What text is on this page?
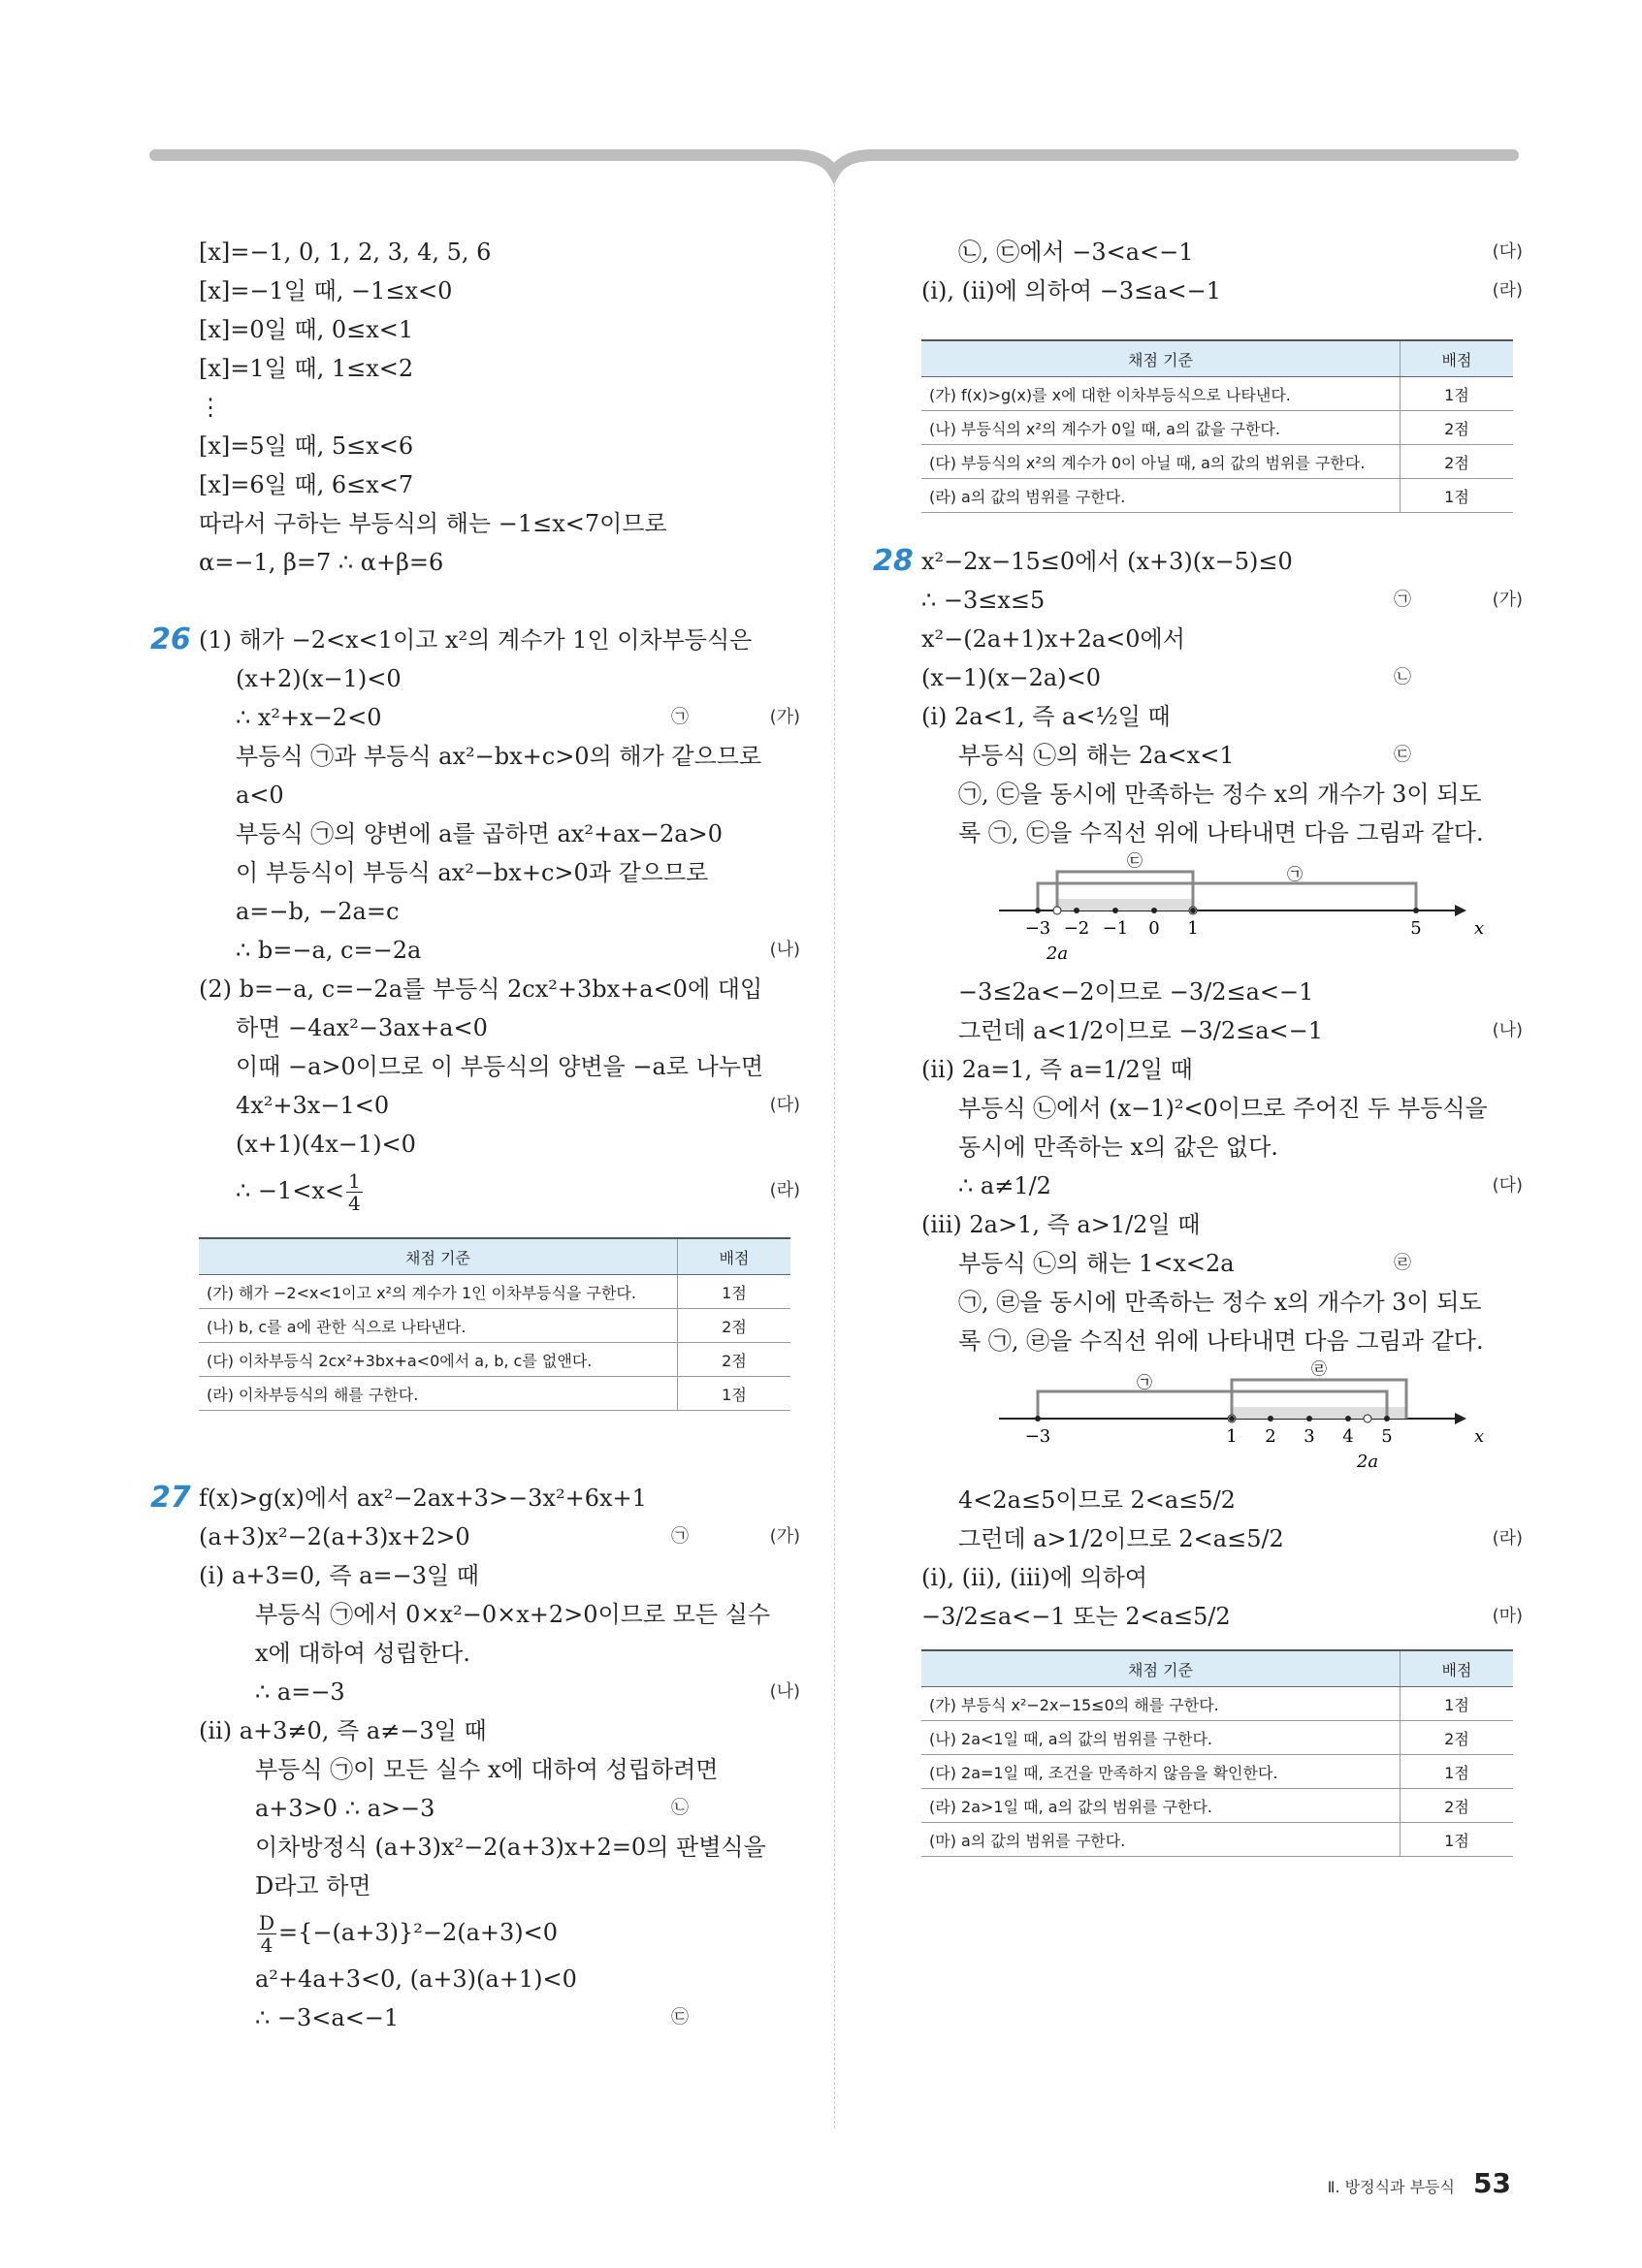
[x]=−1, 0, 1, 2, 3, 4, 5, 6
[x]=−1일 때, −1≤x<0
[x]=0일 때, 0≤x<1
[x]=1일 때, 1≤x<2
⋮
[x]=5일 때, 5≤x<6
[x]=6일 때, 6≤x<7
따라서 구하는 부등식의 해는 −1≤x<7이므로
α=−1, β=7 ∴ α+β=6
(1) 해가 −2<x<1이고 x²의 계수가 1인 이차부등식은
26
(x+2)(x−1)<0
∴ x²+x−2<0	㉠	(가)
부등식 ㉠과 부등식 ax²−bx+c>0의 해가 같으므로
a<0
부등식 ㉠의 양변에 a를 곱하면 ax²+ax−2a>0
이 부등식이 부등식 ax²−bx+c>0과 같으므로
a=−b, −2a=c
∴ b=−a, c=−2a	(나)
(2) b=−a, c=−2a를 부등식 2cx²+3bx+a<0에 대입
하면 −4ax²−3ax+a<0
이때 −a>0이므로 이 부등식의 양변을 −a로 나누면
4x²+3x−1<0	(다)
(x+1)(4x−1)<0
∴ −1<x<	(라)
$\frac{1}{4}$
채점 기준	배점
(가) 해가 −2<x<1이고 x²의 계수가 1인 이차부등식을 구한다.	1점
(나) b, c를 a에 관한 식으로 나타낸다.	2점
(다) 이차부등식 2cx²+3bx+a<0에서 a, b, c를 없앤다.	2점
(라) 이차부등식의 해를 구한다.	1점
f(x)>g(x)에서 ax²−2ax+3>−3x²+6x+1
27
(a+3)x²−2(a+3)x+2>0	㉠	(가)
(ⅰ) a+3=0, 즉 a=−3일 때
부등식 ㉠에서 0×x²−0×x+2>0이므로 모든 실수
x에 대하여 성립한다.
∴ a=−3	(나)
(ⅱ) a+3≠0, 즉 a≠−3일 때
부등식 ㉠이 모든 실수 x에 대하여 성립하려면
a+3>0 ∴ a>−3	㉡
이차방정식 (a+3)x²−2(a+3)x+2=0의 판별식을
D라고 하면
$\frac{D}{4} =\{-(a+3)\}^2-2(a+3)<0$
a²+4a+3<0, (a+3)(a+1)<0
∴ −3<a<−1	㉢
㉡, ㉢에서 −3<a<−1	(다)
(ⅰ), (ⅱ)에 의하여 −3≤a<−1	(라)
채점 기준	배점
(가) f(x)>g(x)를 x에 대한 이차부등식으로 나타낸다.	1점
(나) 부등식의 x²의 계수가 0일 때, a의 값을 구한다.	2점
(다) 부등식의 x²의 계수가 0이 아닐 때, a의 값의 범위를 구한다.	2점
(라) a의 값의 범위를 구한다.	1점
x²−2x−15≤0에서 (x+3)(x−5)≤0
28
∴ −3≤x≤5	㉠	(가)
x²−(2a+1)x+2a<0에서
(x−1)(x−2a)<0	㉡
(ⅰ) 2a<1, 즉 a<½일 때
부등식 ㉡의 해는 2a<x<1	㉢
㉠, ㉢을 동시에 만족하는 정수 x의 개수가 3이 되도
록 ㉠, ㉢을 수직선 위에 나타내면 다음 그림과 같다.
㉢
㉠
2a
−3 −2 −1 0 1	5	x
−3≤2a<−2이므로 −3/2≤a<−1
그런데 a<1/2이므로 −3/2≤a<−1	(나)
(ⅱ) 2a=1, 즉 a=1/2일 때
부등식 ㉡에서 (x−1)²<0이므로 주어진 두 부등식을
동시에 만족하는 x의 값은 없다.
∴ a≠1/2	(다)
(ⅲ) 2a>1, 즉 a>1/2일 때
부등식 ㉡의 해는 1<x<2a	㉣
㉠, ㉣을 동시에 만족하는 정수 x의 개수가 3이 되도
록 ㉠, ㉣을 수직선 위에 나타내면 다음 그림과 같다.
㉣
㉠
2a
−3	1 2 3 4 5	x
4<2a≤5이므로 2<a≤5/2
그런데 a>1/2이므로 2<a≤5/2	(라)
(ⅰ), (ⅱ), (ⅲ)에 의하여
−3/2≤a<−1 또는 2<a≤5/2	(마)
채점 기준	배점
(가) 부등식 x²−2x−15≤0의 해를 구한다.	1점
(나) 2a<1일 때, a의 값의 범위를 구한다.	2점
(다) 2a=1일 때, 조건을 만족하지 않음을 확인한다.	1점
(라) 2a>1일 때, a의 값의 범위를 구한다.	2점
(마) a의 값의 범위를 구한다.	1점
Ⅱ. 방정식과 부등식 53
